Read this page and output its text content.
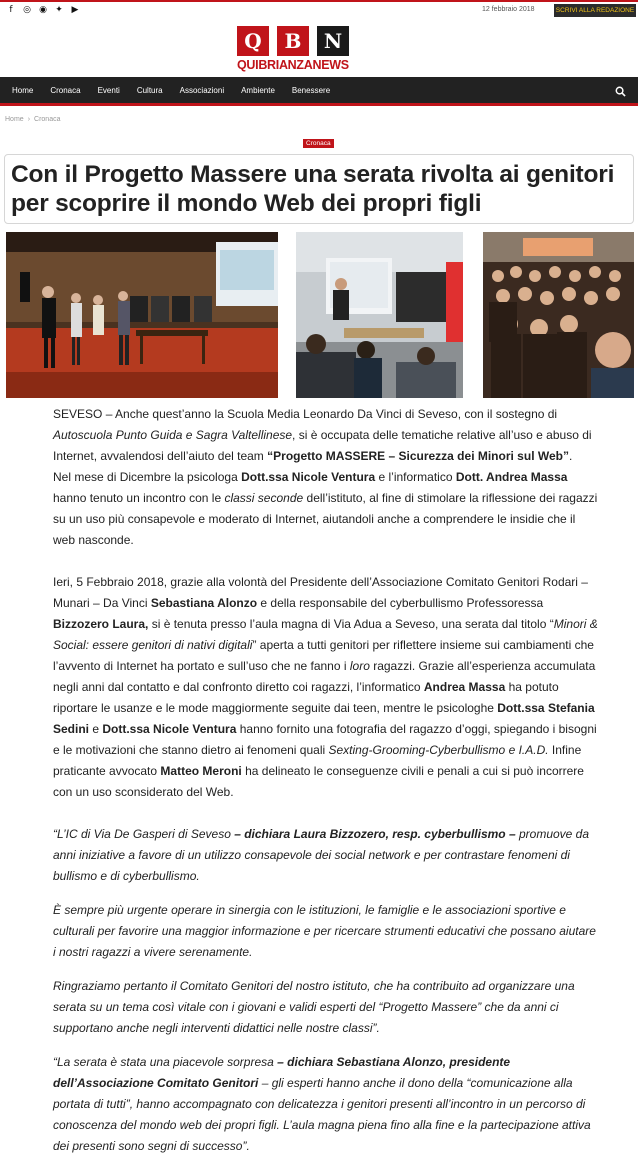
f	◎ ◉ ✦ ▶	12 febbraio 2018	SCRIVI ALLA REDAZIONE
Q	B	N
QUIBRIANZANEWS
Home Cronaca Eventi Cultura Associazioni Ambiente Benessere
Home › Cronaca
Cronaca
Con il Progetto Massere una serata rivolta ai genitori per scoprire il mondo Web dei propri figli

SEVESO – Anche quest’anno la Scuola Media Leonardo Da Vinci di Seveso, con il sostegno di Autoscuola Punto Guida e Sagra Valtellinese, si è occupata delle tematiche relative all’uso e abuso di Internet, avvalendosi dell’aiuto del team “Progetto MASSERE – Sicurezza dei Minori sul Web”.

Nel mese di Dicembre la psicologa Dott.ssa Nicole Ventura e l’informatico Dott. Andrea Massa hanno tenuto un incontro con le classi seconde dell’istituto, al fine di stimolare la riflessione dei ragazzi su un uso più consapevole e moderato di Internet, aiutandoli anche a comprendere le insidie che il web nasconde.

Ieri, 5 Febbraio 2018, grazie alla volontà del Presidente dell’Associazione Comitato Genitori Rodari – Munari – Da Vinci Sebastiana Alonzo e della responsabile del cyberbullismo Professoressa Bizzozero Laura, si è tenuta presso l’aula magna di Via Adua a Seveso, una serata dal titolo “Minori & Social: essere genitori di nativi digitali” aperta a tutti genitori per riflettere insieme sui cambiamenti che l’avvento di Internet ha portato e sull’uso che ne fanno i loro ragazzi. Grazie all’esperienza accumulata negli anni dal contatto e dal confronto diretto coi ragazzi, l’informatico Andrea Massa ha potuto riportare le usanze e le mode maggiormente seguite dai teen, mentre le psicologhe Dott.ssa Stefania Sedini e Dott.ssa Nicole Ventura hanno fornito una fotografia del ragazzo d’oggi, spiegando i bisogni e le motivazioni che stanno dietro ai fenomeni quali Sexting-Grooming-Cyberbullismo e I.A.D. Infine praticante avvocato Matteo Meroni ha delineato le conseguenze civili e penali a cui si può incorrere con un uso sconsiderato del Web.

“L’IC di Via De Gasperi di Seveso – dichiara Laura Bizzozero, resp. cyberbullismo – promuove da anni iniziative a favore di un utilizzo consapevole dei social network e per contrastare fenomeni di bullismo e di cyberbullismo.

È sempre più urgente operare in sinergia con le istituzioni, le famiglie e le associazioni sportive e culturali per favorire una maggior informazione e per ricercare strumenti educativi che possano aiutare i nostri ragazzi a vivere serenamente.

Ringraziamo pertanto il Comitato Genitori del nostro istituto, che ha contribuito ad organizzare una serata su un tema così vitale con i giovani e validi esperti del “Progetto Massere” che da anni ci supportano anche negli interventi didattici nelle nostre classi”.

“La serata è stata una piacevole sorpresa – dichiara Sebastiana Alonzo, presidente dell’Associazione Comitato Genitori – gli esperti hanno anche il dono della “comunicazione alla portata di tutti”, hanno accompagnato con delicatezza i genitori presenti all’incontro in un percorso di conoscenza del mondo web dei propri figli. L’aula magna piena fino alla fine e la partecipazione attiva dei presenti sono segni di successo”.
